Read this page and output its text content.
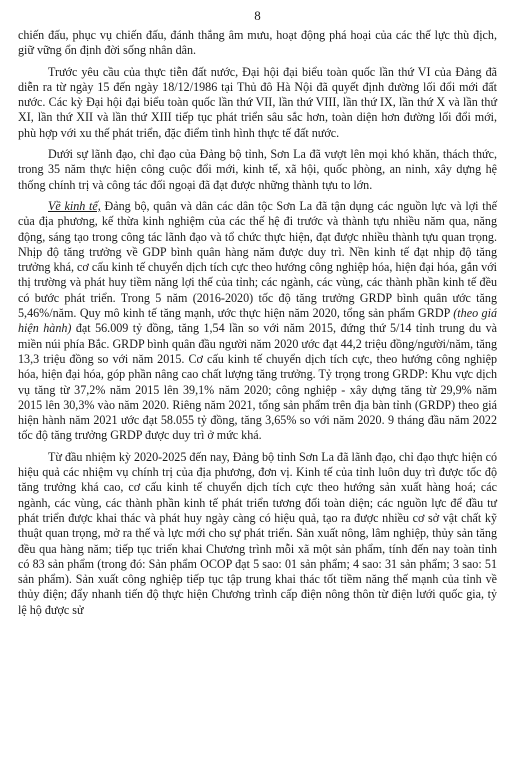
8

chiến đấu, phục vụ chiến đấu, đánh thắng âm mưu, hoạt động phá hoại của các thế lực thù địch, giữ vững ổn định đời sống nhân dân.

Trước yêu cầu của thực tiễn đất nước, Đại hội đại biểu toàn quốc lần thứ VI của Đảng đã diễn ra từ ngày 15 đến ngày 18/12/1986 tại Thủ đô Hà Nội đã quyết định đường lối đổi mới đất nước. Các kỳ Đại hội đại biểu toàn quốc lần thứ VII, lần thứ VIII, lần thứ IX, lần thứ X và lần thứ XI, lần thứ XII và lần thứ XIII tiếp tục phát triển sâu sắc hơn, toàn diện hơn đường lối đổi mới, phù hợp với xu thế phát triển, đặc điểm tình hình thực tế đất nước.

Dưới sự lãnh đạo, chỉ đạo của Đảng bộ tỉnh, Sơn La đã vượt lên mọi khó khăn, thách thức, trong 35 năm thực hiện công cuộc đổi mới, kinh tế, xã hội, quốc phòng, an ninh, xây dựng hệ thống chính trị và công tác đối ngoại đã đạt được những thành tựu to lớn.

Về kinh tế, Đảng bộ, quân và dân các dân tộc Sơn La đã tận dụng các nguồn lực và lợi thế của địa phương, kế thừa kinh nghiệm của các thế hệ đi trước và thành tựu nhiều năm qua, năng động, sáng tạo trong công tác lãnh đạo và tổ chức thực hiện, đạt được nhiều thành tựu quan trọng. Nhịp độ tăng trưởng về GDP bình quân hàng năm được duy trì. Nền kinh tế đạt nhịp độ tăng trưởng khá, cơ cấu kinh tế chuyển dịch tích cực theo hướng công nghiệp hóa, hiện đại hóa, gắn với thị trường và phát huy tiềm năng lợi thế của tỉnh; các ngành, các vùng, các thành phần kinh tế đều có bước phát triển. Trong 5 năm (2016-2020) tốc độ tăng trưởng GRDP bình quân ước tăng 5,46%/năm. Quy mô kinh tế tăng mạnh, ước thực hiện năm 2020, tổng sản phẩm GRDP (theo giá hiện hành) đạt 56.009 tỷ đồng, tăng 1,54 lần so với năm 2015, đứng thứ 5/14 tỉnh trung du và miền núi phía Bắc. GRDP bình quân đầu người năm 2020 ước đạt 44,2 triệu đồng/người/năm, tăng 13,3 triệu đồng so với năm 2015. Cơ cấu kinh tế chuyển dịch tích cực, theo hướng công nghiệp hóa, hiện đại hóa, góp phần nâng cao chất lượng tăng trưởng. Tỷ trọng trong GRDP: Khu vực dịch vụ tăng từ 37,2% năm 2015 lên 39,1% năm 2020; công nghiệp - xây dựng tăng từ 29,9% năm 2015 lên 30,3% vào năm 2020. Riêng năm 2021, tổng sản phẩm trên địa bàn tỉnh (GRDP) theo giá hiện hành năm 2021 ước đạt 58.055 tỷ đồng, tăng 3,65% so với năm 2020. 9 tháng đầu năm 2022 tốc độ tăng trưởng GRDP được duy trì ở mức khá.

Từ đầu nhiệm kỳ 2020-2025 đến nay, Đảng bộ tỉnh Sơn La đã lãnh đạo, chỉ đạo thực hiện có hiệu quả các nhiệm vụ chính trị của địa phương, đơn vị. Kinh tế của tỉnh luôn duy trì được tốc độ tăng trưởng khá cao, cơ cấu kinh tế chuyển dịch tích cực theo hướng sản xuất hàng hoá; các ngành, các vùng, các thành phần kinh tế phát triển tương đối toàn diện; các nguồn lực để đầu tư phát triển được khai thác và phát huy ngày càng có hiệu quả, tạo ra được nhiều cơ sở vật chất kỹ thuật quan trọng, mở ra thế và lực mới cho sự phát triển. Sản xuất nông, lâm nghiệp, thủy sản tăng đều qua hàng năm; tiếp tục triển khai Chương trình mỗi xã một sản phẩm, tính đến nay toàn tỉnh có 83 sản phẩm (trong đó: Sản phẩm OCOP đạt 5 sao: 01 sản phẩm; 4 sao: 31 sản phẩm; 3 sao: 51 sản phẩm). Sản xuất công nghiệp tiếp tục tập trung khai thác tốt tiềm năng thế mạnh của tỉnh về thủy điện; đẩy nhanh tiến độ thực hiện Chương trình cấp điện nông thôn từ điện lưới quốc gia, tỷ lệ hộ được sử
